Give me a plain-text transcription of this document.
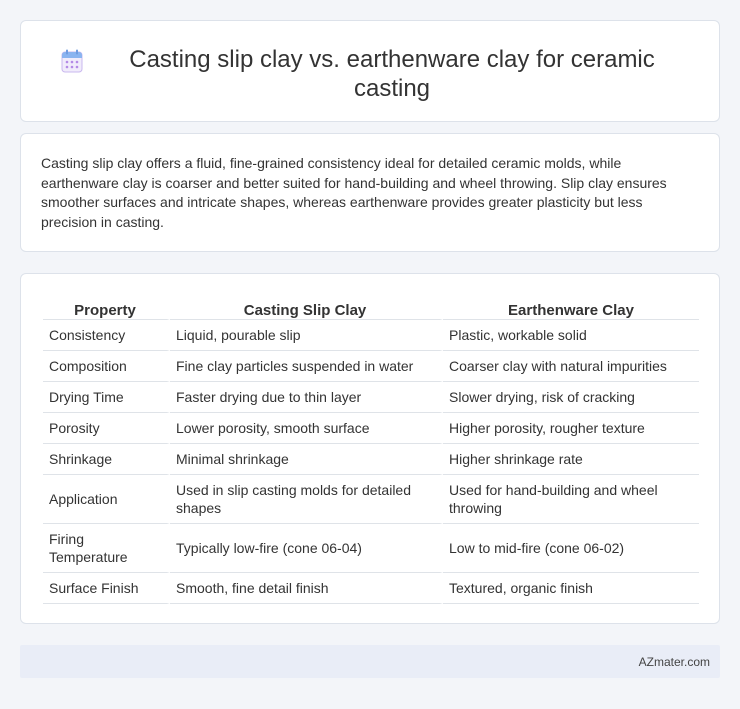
Casting slip clay vs. earthenware clay for ceramic casting

Casting slip clay offers a fluid, fine-grained consistency ideal for detailed ceramic molds, while earthenware clay is coarser and better suited for hand-building and wheel throwing. Slip clay ensures smoother surfaces and intricate shapes, whereas earthenware provides greater plasticity but less precision in casting.

Property	Casting Slip Clay	Earthenware Clay
Consistency	Liquid, pourable slip	Plastic, workable solid
Composition	Fine clay particles suspended in water	Coarser clay with natural impurities
Drying Time	Faster drying due to thin layer	Slower drying, risk of cracking
Porosity	Lower porosity, smooth surface	Higher porosity, rougher texture
Shrinkage	Minimal shrinkage	Higher shrinkage rate
Application	Used in slip casting molds for detailed shapes	Used for hand-building and wheel throwing
Firing Temperature	Typically low-fire (cone 06-04)	Low to mid-fire (cone 06-02)
Surface Finish	Smooth, fine detail finish	Textured, organic finish
AZmater.com
